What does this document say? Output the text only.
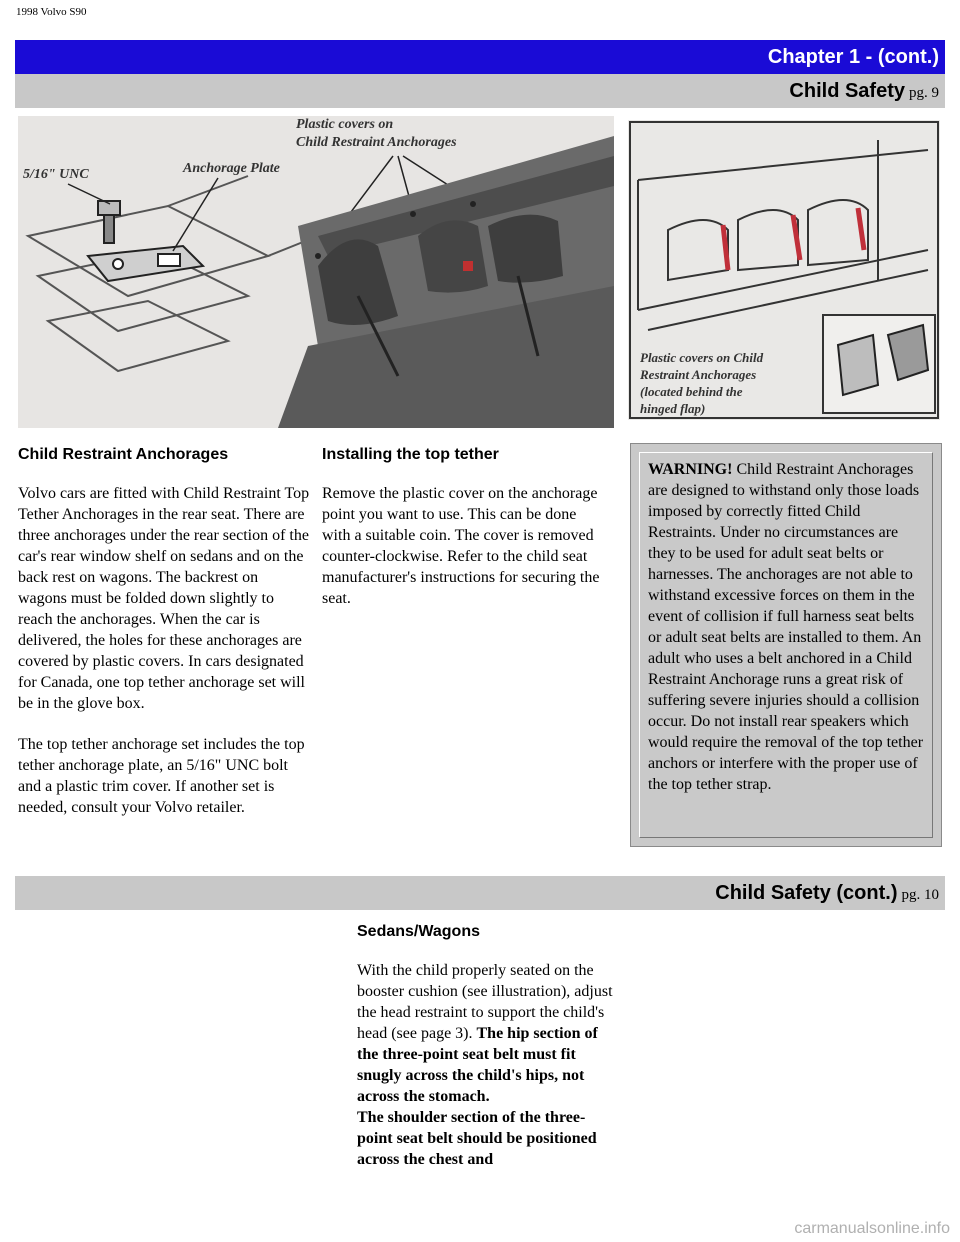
1998 Volvo S90
Chapter 1 - (cont.)
Child Safety pg. 9
Plastic covers on
Child Restraint Anchorages
5/16" UNC	Anchorage Plate
Plastic covers on Child
Restraint Anchorages
(located behind the
hinged flap)
Child Restraint Anchorages

Volvo cars are fitted with Child Restraint Top Tether Anchorages in the rear seat. There are three anchorages under the rear section of the car's rear window shelf on sedans and on the back rest on wagons. The backrest on wagons must be folded down slightly to reach the anchorages. When the car is delivered, the holes for these anchorages are covered by plastic covers. In cars designated for Canada, one top tether anchorage set will be in the glove box.

The top tether anchorage set includes the top tether anchorage plate, an 5/16" UNC bolt and a plastic trim cover. If another set is needed, consult your Volvo retailer.

Installing the top tether

Remove the plastic cover on the anchorage point you want to use. This can be done with a suitable coin. The cover is removed counter-clockwise. Refer to the child seat manufacturer's instructions for securing the seat.

WARNING! Child Restraint Anchorages are designed to withstand only those loads imposed by correctly fitted Child Restraints. Under no circumstances are they to be used for adult seat belts or harnesses. The anchorages are not able to withstand excessive forces on them in the event of collision if full harness seat belts or adult seat belts are installed to them. An adult who uses a belt anchored in a Child Restraint Anchorage runs a great risk of suffering severe injuries should a collision occur. Do not install rear speakers which would require the removal of the top tether anchors or interfere with the proper use of the top tether strap.
Child Safety (cont.) pg. 10
Sedans/Wagons

With the child properly seated on the booster cushion (see illustration), adjust the head restraint to support the child's head (see page 3). The hip section of the three-point seat belt must fit snugly across the child's hips, not across the stomach.
The shoulder section of the three-point seat belt should be positioned across the chest and

carmanualsonline.info
